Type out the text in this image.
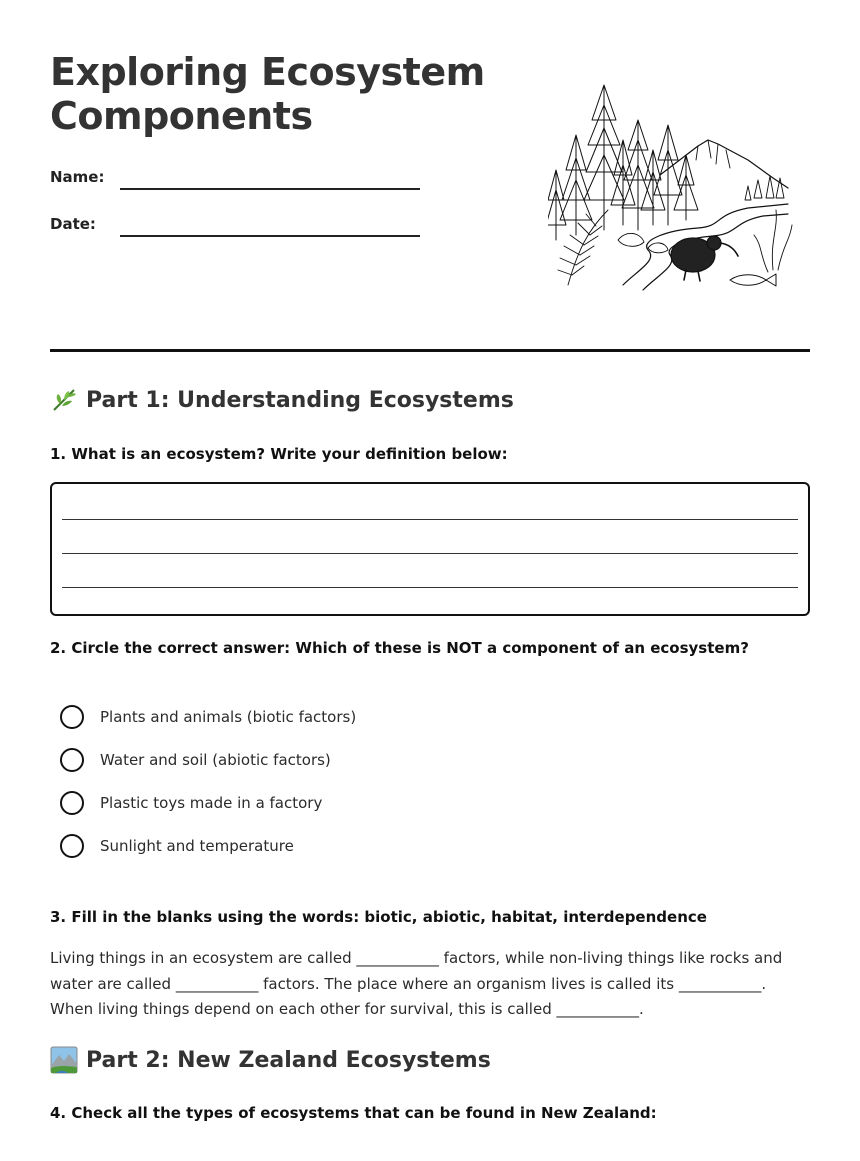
Exploring Ecosystem Components
Name:
Date:
Part 1: Understanding Ecosystems
1. What is an ecosystem? Write your definition below:
2. Circle the correct answer: Which of these is NOT a component of an ecosystem?
Plants and animals (biotic factors)
Water and soil (abiotic factors)
Plastic toys made in a factory
Sunlight and temperature
3. Fill in the blanks using the words: biotic, abiotic, habitat, interdependence

Living things in an ecosystem are called ___________ factors, while non-living things like rocks and water are called ___________ factors. The place where an organism lives is called its ___________. When living things depend on each other for survival, this is called ___________.

Part 2: New Zealand Ecosystems
4. Check all the types of ecosystems that can be found in New Zealand:
